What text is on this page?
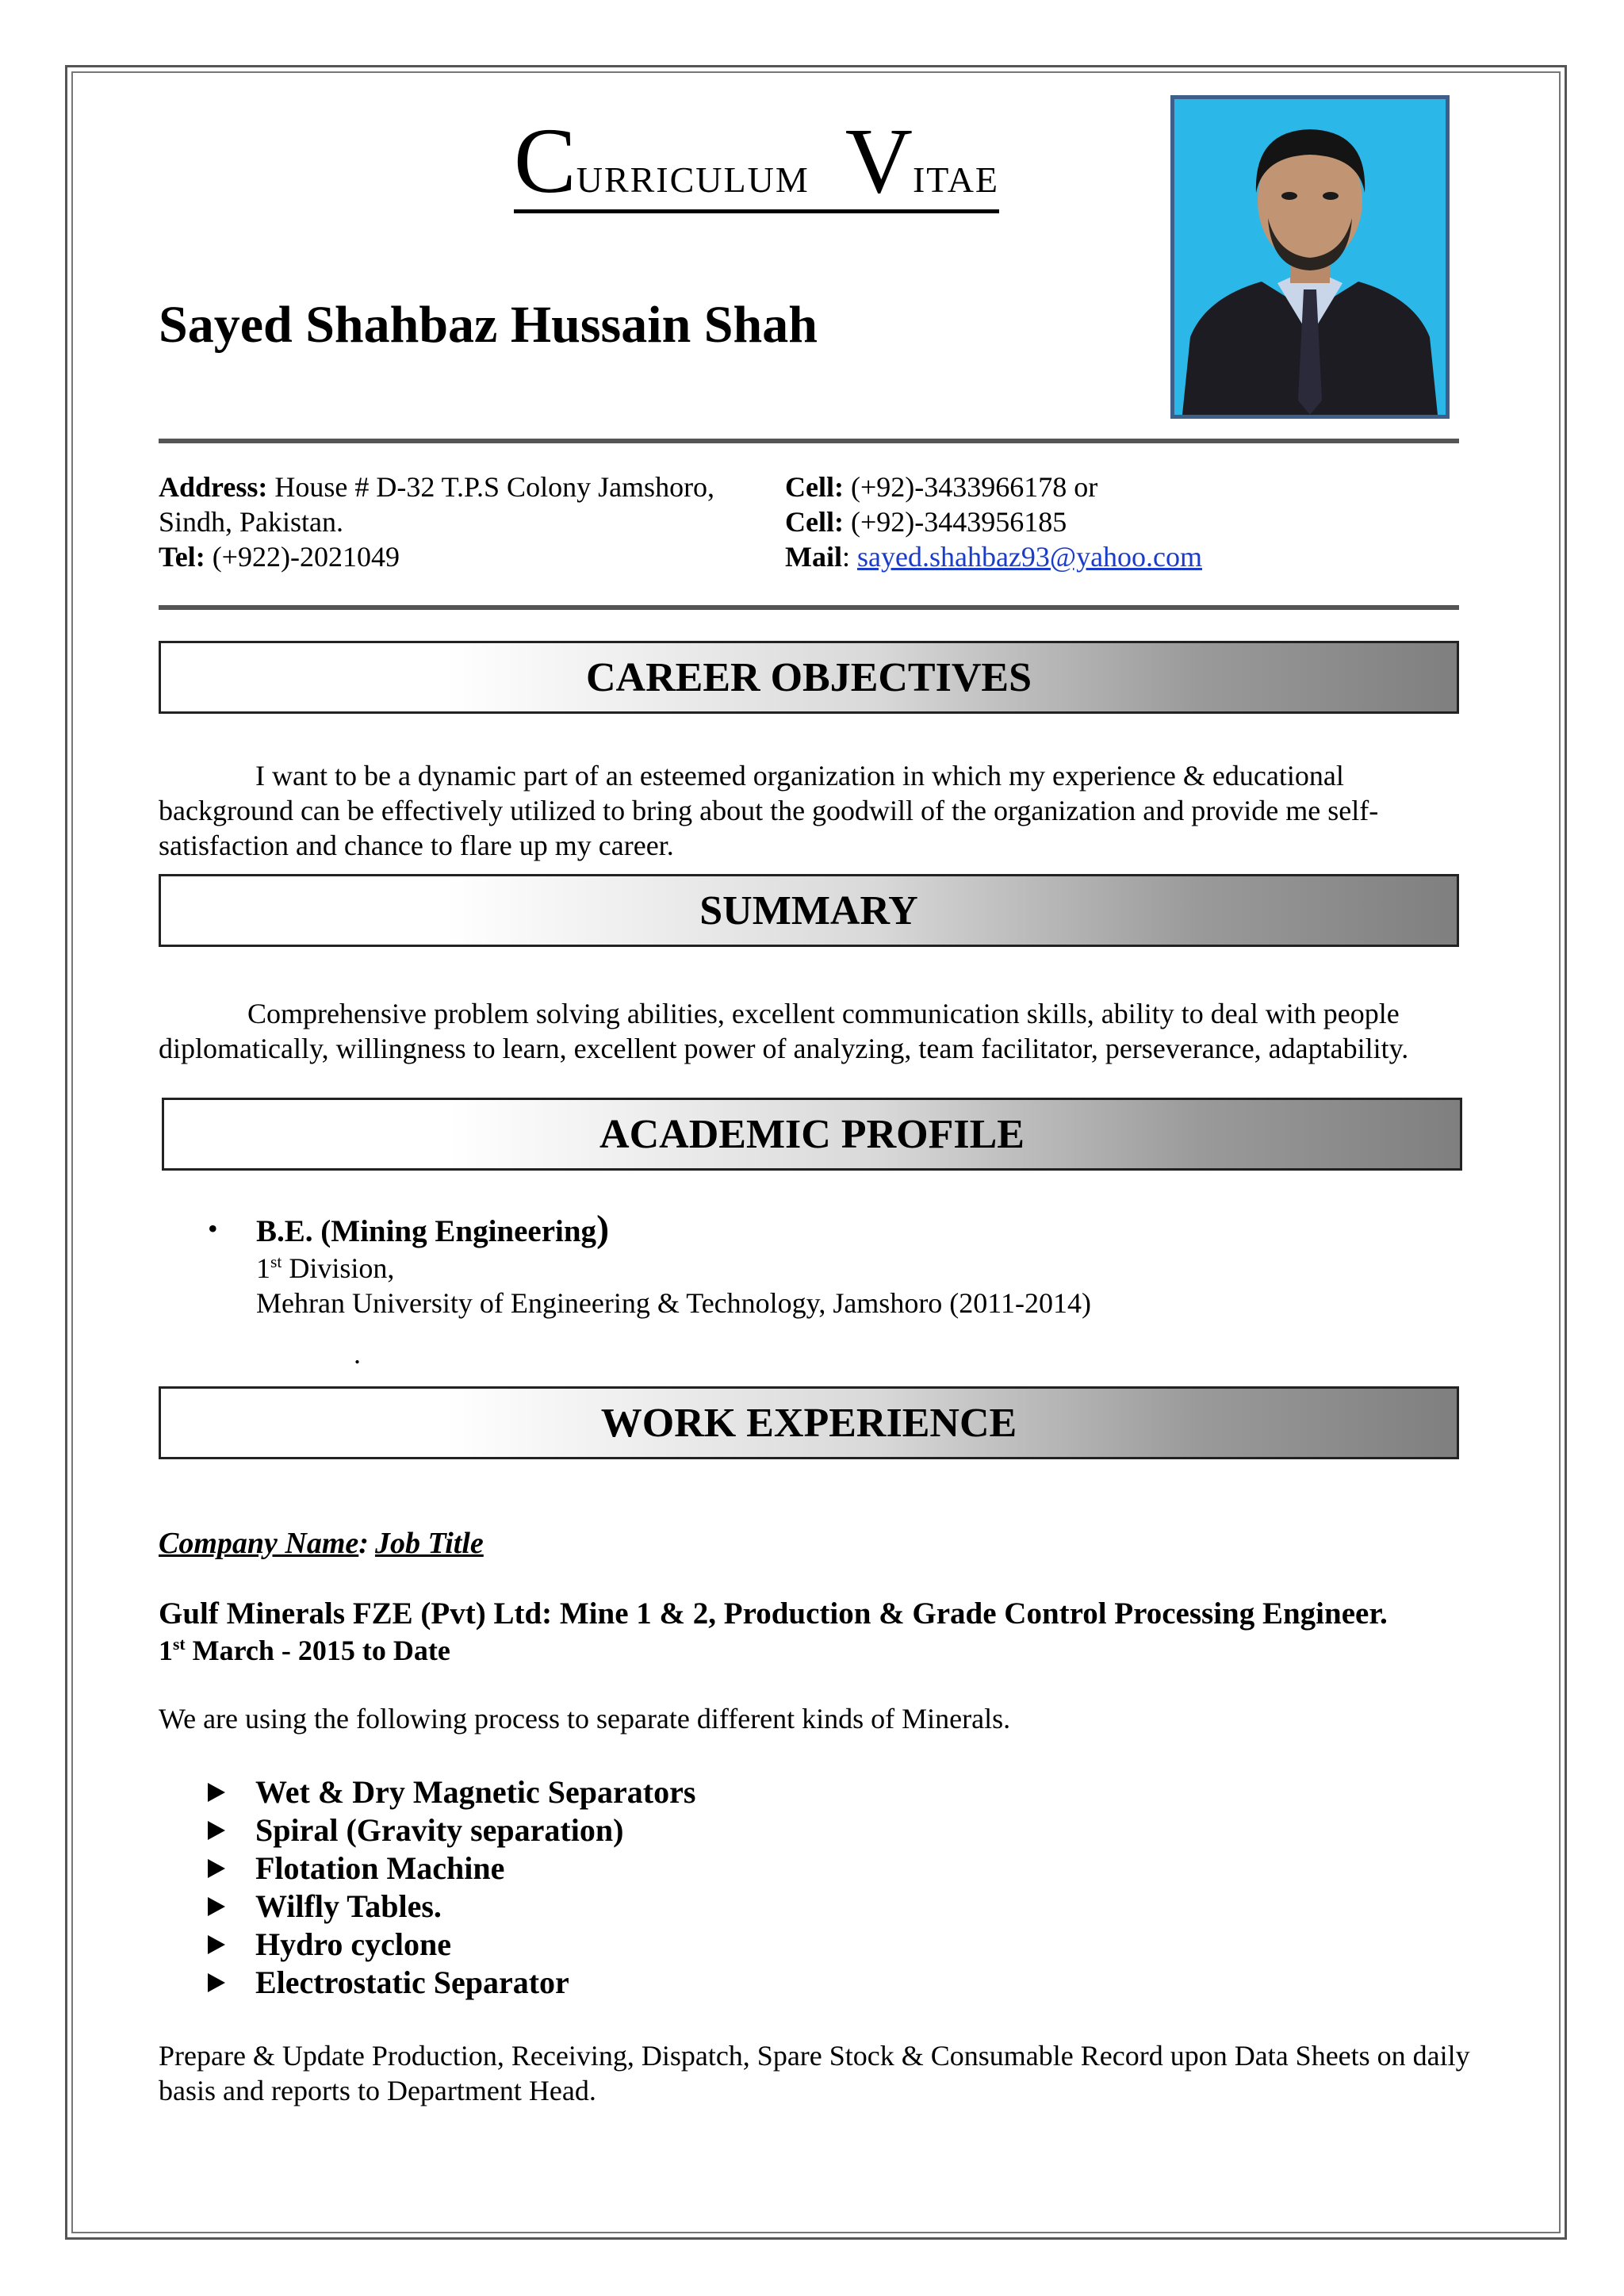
CURRICULUM VITAE
Sayed Shahbaz Hussain Shah
Address: House # D-32 T.P.S Colony Jamshoro,
Sindh, Pakistan.
Tel: (+922)-2021049
Cell: (+92)-3433966178 or
Cell: (+92)-3443956185
Mail: sayed.shahbaz93@yahoo.com
CAREER OBJECTIVES
I want to be a dynamic part of an esteemed organization in which my experience & educational background can be effectively utilized to bring about the goodwill of the organization and provide me self-satisfaction and chance to flare up my career.
SUMMARY
Comprehensive problem solving abilities, excellent communication skills, ability to deal with people diplomatically, willingness to learn, excellent power of analyzing, team facilitator, perseverance, adaptability.
ACADEMIC PROFILE
• B.E. (Mining Engineering)
1st Division,
Mehran University of Engineering & Technology, Jamshoro (2011-2014)
.
WORK EXPERIENCE
Company Name: Job Title
Gulf Minerals FZE (Pvt) Ltd: Mine 1 & 2, Production & Grade Control Processing Engineer.
1st March - 2015 to Date
We are using the following process to separate different kinds of Minerals.
Wet & Dry Magnetic Separators
Spiral (Gravity separation)
Flotation Machine
Wilfly Tables.
Hydro cyclone
Electrostatic Separator
Prepare & Update Production, Receiving, Dispatch, Spare Stock & Consumable Record upon Data Sheets on daily basis and reports to Department Head.
